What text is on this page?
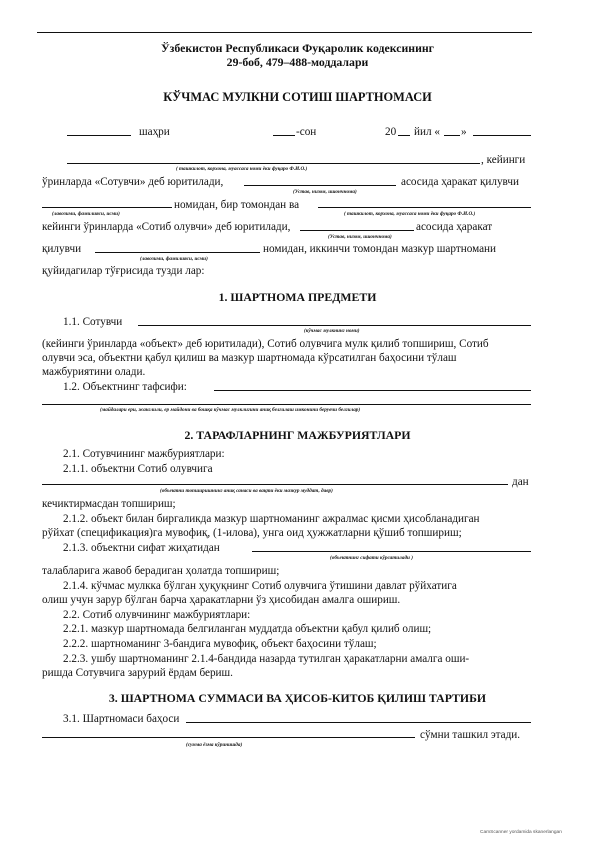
Ўзбекистон Республикаси Фуқаролик кодексининг
29-боб, 479–488-моддалари
КЎЧМАС МУЛКНИ СОТИШ ШАРТНОМАСИ
шаҳри	-сон	20 йил « »
, кейинги
( ташкилот, корхона, муассаса номи ёки фуқаро Ф.И.О.)
ўринларда «Сотувчи» деб юритилади,	асосида ҳаракат қилувчи
(Устав, низом, ишончнома)
номидан, бир томондан ва
(лавозими, фамилияси, исми)	( ташкилот, корхона, муассаса номи ёки фуқаро Ф.И.О.)
кейинги ўринларда «Сотиб олувчи» деб юритилади,	асосида ҳаракат
(Устав, низом, ишончнома)
қилувчи	номидан, иккинчи томондан мазкур шартномани
(лавозими, фамилияси, исми)
қуйидагилар тўғрисида тузди лар:
1. ШАРТНОМА ПРЕДМЕТИ
1.1. Сотувчи
(кўчмас мулкнинг номи)
(кейинги ўринларда «объект» деб юритилади), Сотиб олувчига мулк қилиб топшириш, Сотиб
олувчи эса, объектни қабул қилиш ва мазкур шартномада кўрсатилган баҳосини тўлаш
мажбуриятини олади.
1.2. Объектнинг тафсифи:
(майдалари ери, жанглили, ер майдони ва бошқа кўчмас мулклигини аниқ белгилаш имконини берувчи белгилар)
2. ТАРАФЛАРНИНГ МАЖБУРИЯТЛАРИ
2.1. Сотувчининг мажбуриятлари:
2.1.1. объектни Сотиб олувчига
дан
(объектни топширишнинг аниқ санаси ва вақти ёки мазкур муддат, давр)
кечиктирмасдан топшириш;
2.1.2. объект билан биргаликда мазкур шартноманинг ажралмас қисми ҳисобланадиган
рўйхат (спецификация)га мувофиқ, (1-илова), унга оид ҳужжатларни қўшиб топшириш;
2.1.3. объектни сифат жиҳатидан
(объектнинг сифати кўрсатилади )
талабларига жавоб берадиган ҳолатда топшириш;
2.1.4. кўчмас мулкка бўлган ҳуқуқнинг Сотиб олувчига ўтишини давлат рўйхатига
олиш учун зарур бўлган барча ҳаракатларни ўз ҳисобидан амалга ошириш.
2.2. Сотиб олувчининг мажбуриятлари:
2.2.1. мазкур шартномада белгиланган муддатда объектни қабул қилиб олиш;
2.2.2. шартноманинг 3-бандига мувофиқ, объект баҳосини тўлаш;
2.2.3. ушбу шартноманинг 2.1.4-бандида назарда тутилган ҳаракатларни амалга оши-
ришда Сотувчига зарурий ёрдам бериш.
3. ШАРТНОМА СУММАСИ ВА ҲИСОБ-КИТОБ ҚИЛИШ ТАРТИБИ
3.1. Шартномаси баҳоси
сўмни ташкил этади.
(сумма ёзма кўринишда)
CamScanner yordamida skanerlangan
